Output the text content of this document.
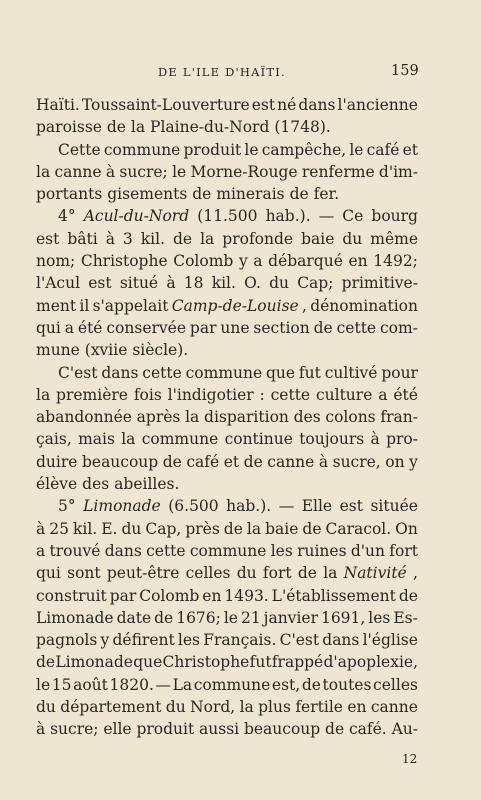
DE L'ILE D'HAÏTI.	159
Haïti. Toussaint-Louverture est né dans l'ancienne
paroisse de la Plaine-du-Nord (1748).
Cette commune produit le campêche, le café et
la canne à sucre; le Morne-Rouge renferme d'im-
portants gisements de minerais de fer.
4° Acul-du-Nord (11.500 hab.). — Ce bourg
est bâti à 3 kil. de la profonde baie du même
nom; Christophe Colomb y a débarqué en 1492;
l'Acul est situé à 18 kil. O. du Cap; primitive-
ment il s'appelait Camp-de-Louise , dénomination
qui a été conservée par une section de cette com-
mune (xviie siècle).
C'est dans cette commune que fut cultivé pour
la première fois l'indigotier : cette culture a été
abandonnée après la disparition des colons fran-
çais, mais la commune continue toujours à pro-
duire beaucoup de café et de canne à sucre, on y
élève des abeilles.
5° Limonade (6.500 hab.). — Elle est située
à 25 kil. E. du Cap, près de la baie de Caracol. On
a trouvé dans cette commune les ruines d'un fort
qui sont peut-être celles du fort de la Nativité ,
construit par Colomb en 1493. L'établissement de
Limonade date de 1676; le 21 janvier 1691, les Es-
pagnols y défirent les Français. C'est dans l'église
de Limonade que Christophe fut frappé d'apoplexie,
le 15 août 1820. — La commune est, de toutes celles
du département du Nord, la plus fertile en canne
à sucre; elle produit aussi beaucoup de café. Au-
12
